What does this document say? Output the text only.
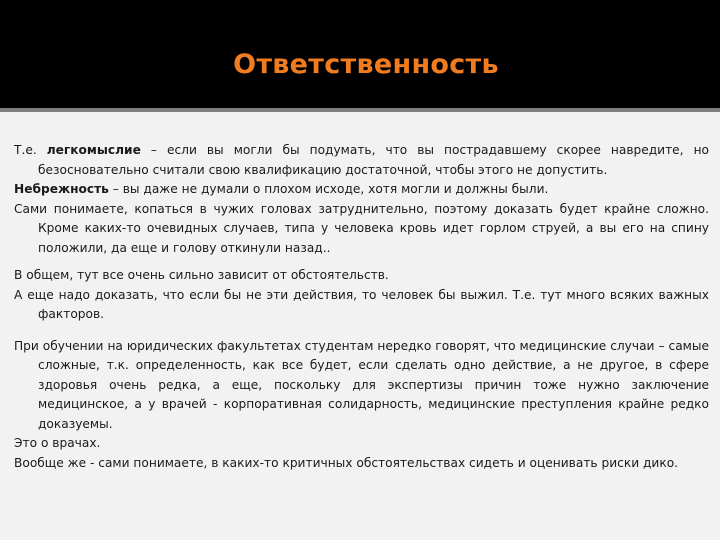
Ответственность

Т.е. легкомыслие – если вы могли бы подумать, что вы пострадавшему скорее навредите, но безосновательно считали свою квалификацию достаточной, чтобы этого не допустить.

Небрежность – вы даже не думали о плохом исходе, хотя могли и должны были.

Сами понимаете, копаться в чужих головах затруднительно, поэтому доказать будет крайне сложно. Кроме каких-то очевидных случаев, типа у человека кровь идет горлом струей, а вы его на спину положили, да еще и голову откинули назад..

В общем, тут все очень сильно зависит от обстоятельств.

А еще надо доказать, что если бы не эти действия, то человек бы выжил. Т.е. тут много всяких важных факторов.

При обучении на юридических факультетах студентам нередко говорят, что медицинские случаи – самые сложные, т.к. определенность, как все будет, если сделать одно действие, а не другое, в сфере здоровья очень редка, а еще, поскольку для экспертизы причин тоже нужно заключение медицинское, а у врачей - корпоративная солидарность, медицинские преступления крайне редко доказуемы.

Это о врачах.

Вообще же - сами понимаете, в каких-то критичных обстоятельствах сидеть и оценивать риски дико.
